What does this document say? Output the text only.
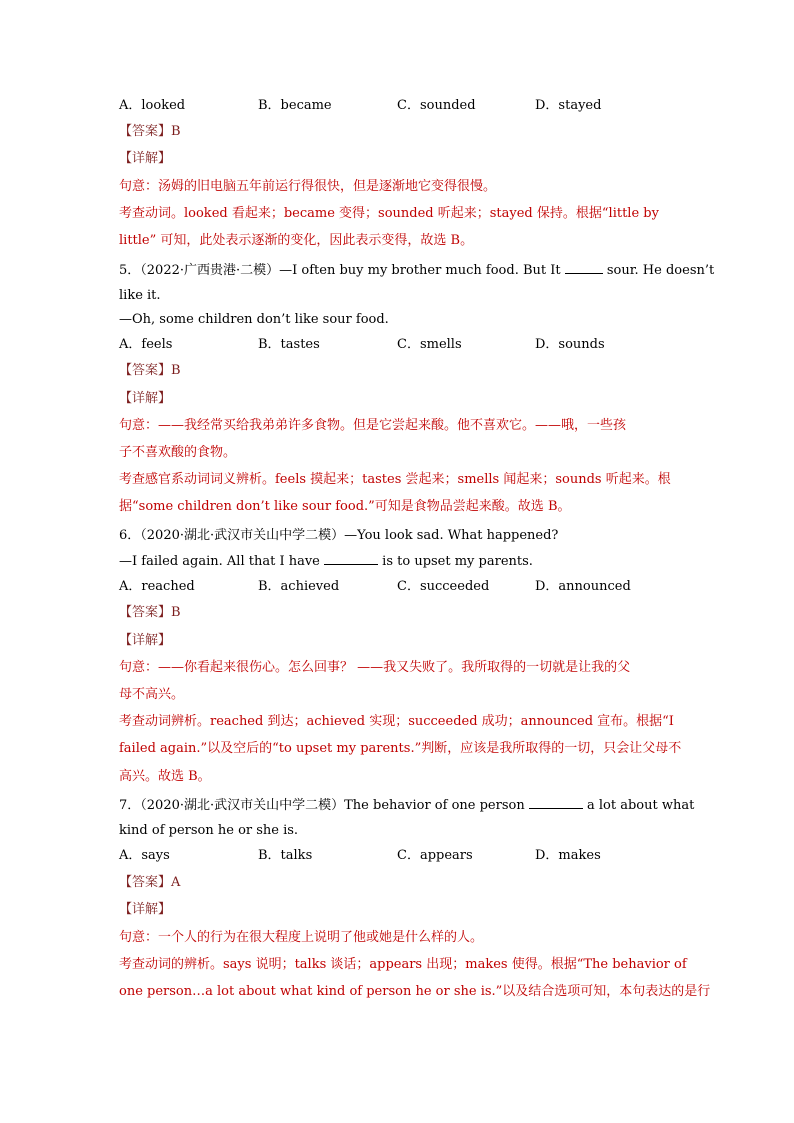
A．looked	B．became	C．sounded	D．stayed
【答案】B
【详解】
句意：汤姆的旧电脑五年前运行得很快，但是逐渐地它变得很慢。
考查动词。looked 看起来；became 变得；sounded 听起来；stayed 保持。根据“little by
little” 可知，此处表示逐渐的变化，因此表示变得，故选 B。
5．（2022·广西贵港·二模）—I often buy my brother much food. But It	sour. He doesn’t
like it.
—Oh, some children don’t like sour food.
A．feels	B．tastes	C．smells	D．sounds
【答案】B
【详解】
句意：——我经常买给我弟弟许多食物。但是它尝起来酸。他不喜欢它。——哦，一些孩
子不喜欢酸的食物。
考查感官系动词词义辨析。feels 摸起来；tastes 尝起来；smells 闻起来；sounds 听起来。根
据“some children don’t like sour food.”可知是食物品尝起来酸。故选 B。
6．（2020·湖北·武汉市关山中学二模）—You look sad. What happened?
—I failed again. All that I have	is to upset my parents.
A．reached	B．achieved	C．succeeded	D．announced
【答案】B
【详解】
句意：——你看起来很伤心。怎么回事？ ——我又失败了。我所取得的一切就是让我的父
母不高兴。
考查动词辨析。reached 到达；achieved 实现；succeeded 成功；announced 宣布。根据“I
failed again.”以及空后的“to upset my parents.”判断，应该是我所取得的一切，只会让父母不
高兴。故选 B。
7．（2020·湖北·武汉市关山中学二模）The behavior of one person	a lot about what
kind of person he or she is.
A．says	B．talks	C．appears	D．makes
【答案】A
【详解】
句意：一个人的行为在很大程度上说明了他或她是什么样的人。
考查动词的辨析。says 说明；talks 谈话；appears 出现；makes 使得。根据“The behavior of
one person…a lot about what kind of person he or she is.”以及结合选项可知，本句表达的是行
